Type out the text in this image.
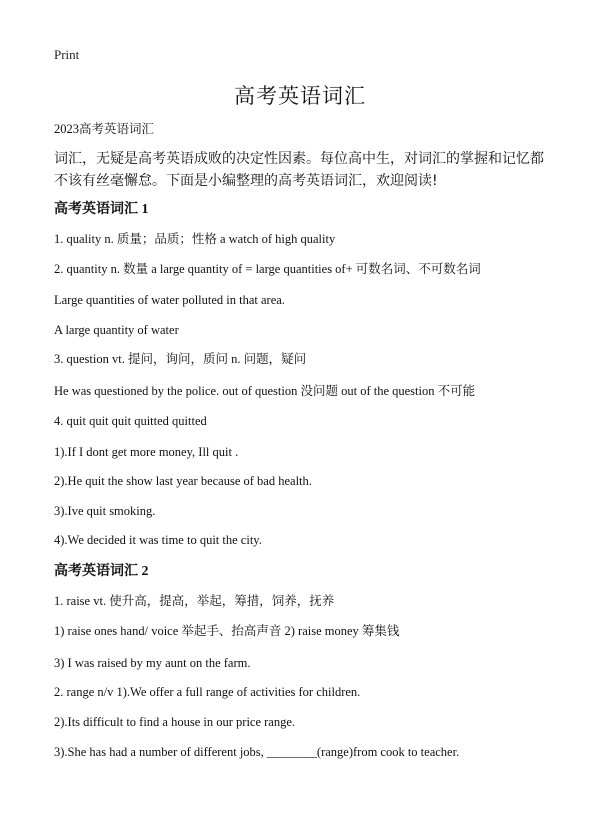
Print
高考英语词汇
2023高考英语词汇
词汇，无疑是高考英语成败的决定性因素。每位高中生，对词汇的掌握和记忆都不该有丝毫懈怠。下面是小编整理的高考英语词汇，欢迎阅读!
高考英语词汇 1
1. quality n. 质量；品质；性格 a watch of high quality
2. quantity n. 数量 a large quantity of = large quantities of+ 可数名词、不可数名词
Large quantities of water polluted in that area.
A large quantity of water
3. question vt. 提问，询问，质问 n. 问题，疑问
He was questioned by the police. out of question 没问题 out of the question 不可能
4. quit quit quit quitted quitted
1).If I dont get more money, Ill quit .
2).He quit the show last year because of bad health.
3).Ive quit smoking.
4).We decided it was time to quit the city.
高考英语词汇 2
1. raise vt. 使升高，提高，举起，筹措，饲养，抚养
1) raise ones hand/ voice 举起手、抬高声音 2) raise money 筹集钱
3) I was raised by my aunt on the farm.
2. range n/v 1).We offer a full range of activities for children.
2).Its difficult to find a house in our price range.
3).She has had a number of different jobs, ________(range)from cook to teacher.
